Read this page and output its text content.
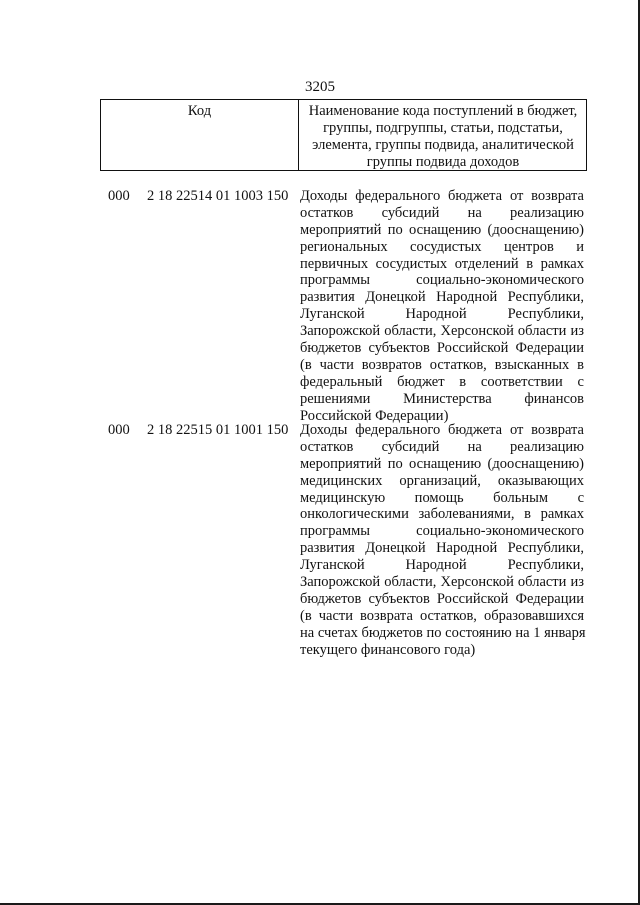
3205
Код	Наименование кода поступлений в бюджет,
группы, подгруппы, статьи, подстатьи,
элемента, группы подвида, аналитической
группы подвида доходов
000 2 18 22514 01 1003 150 Доходы федерального бюджета от возврата
остатков субсидий на реализацию
мероприятий по оснащению (дооснащению)
региональных сосудистых центров и
первичных сосудистых отделений в рамках
программы социально-экономического
развития Донецкой Народной Республики,
Луганской Народной Республики,
Запорожской области, Херсонской области из
бюджетов субъектов Российской Федерации
(в части возвратов остатков, взысканных в
федеральный бюджет в соответствии с
решениями Министерства финансов
Российской Федерации)
000 2 18 22515 01 1001 150 Доходы федерального бюджета от возврата
остатков субсидий на реализацию
мероприятий по оснащению (дооснащению)
медицинских организаций, оказывающих
медицинскую помощь больным с
онкологическими заболеваниями, в рамках
программы социально-экономического
развития Донецкой Народной Республики,
Луганской Народной Республики,
Запорожской области, Херсонской области из
бюджетов субъектов Российской Федерации
(в части возврата остатков, образовавшихся
на счетах бюджетов по состоянию на 1 января
текущего финансового года)
